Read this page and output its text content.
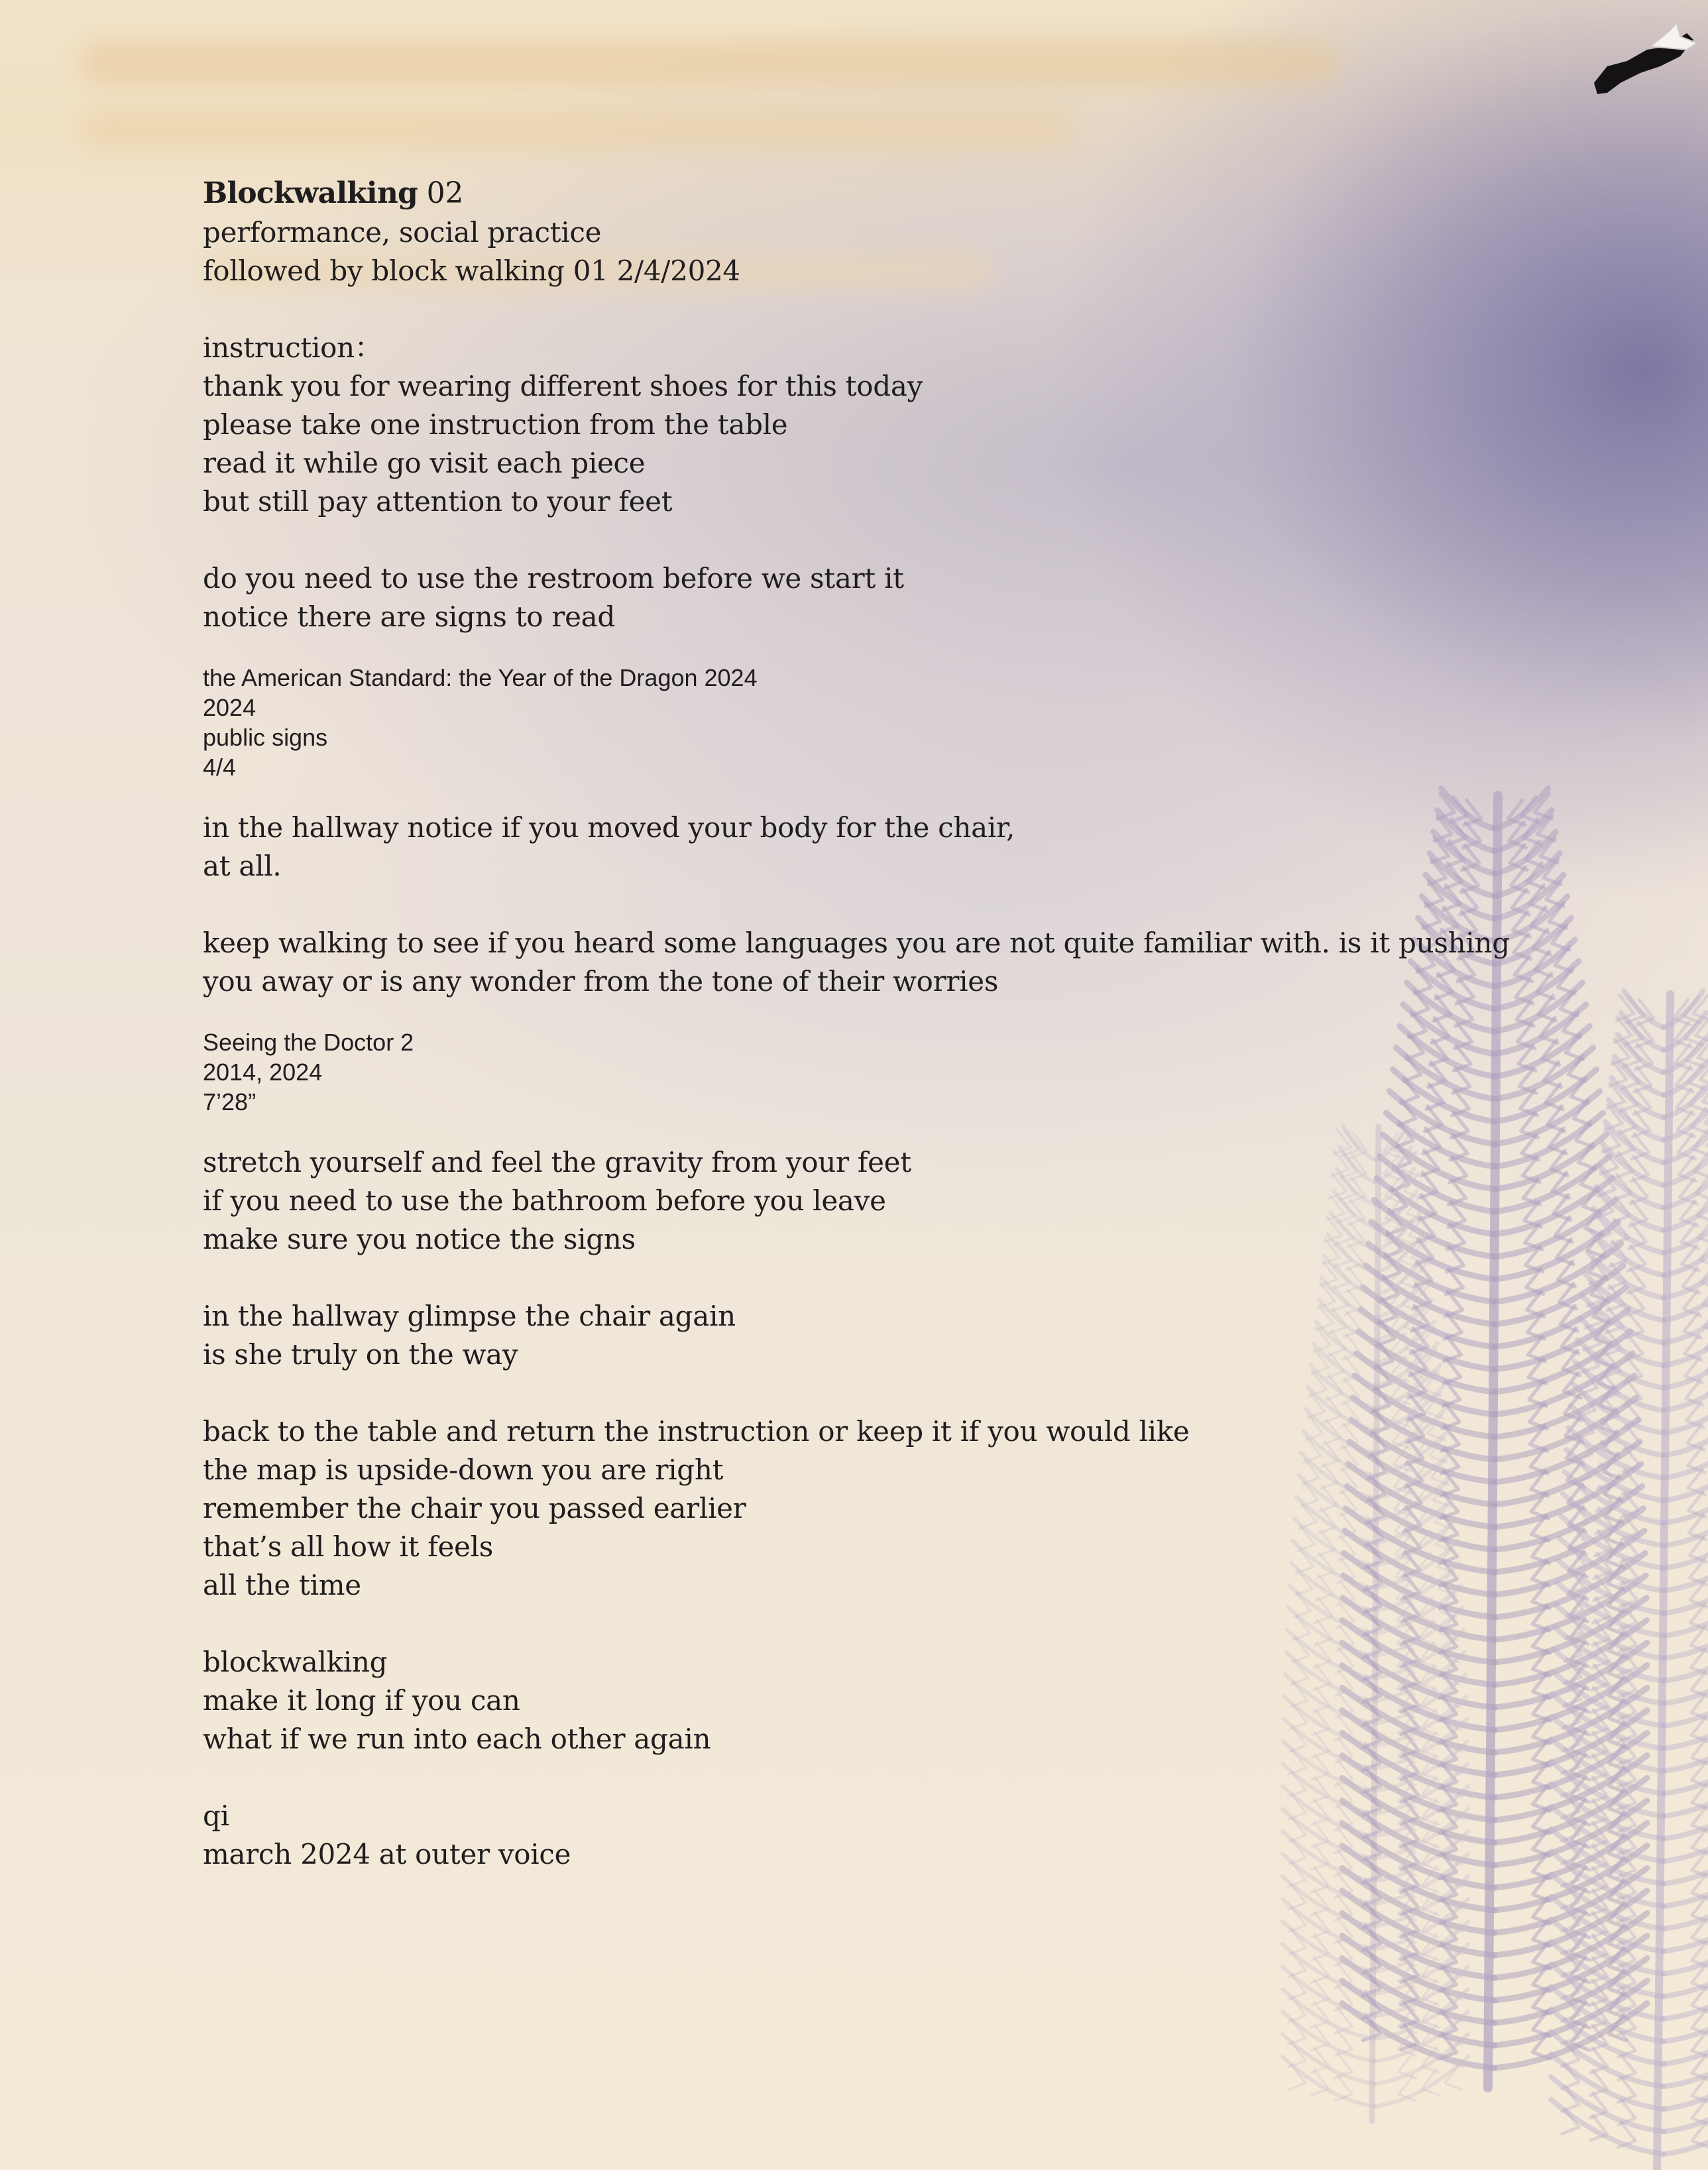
Blockwalking 02
performance, social practice
followed by block walking 01 2/4/2024
instruction：
thank you for wearing different shoes for this today
please take one instruction from the table
read it while go visit each piece
but still pay attention to your feet
do you need to use the restroom before we start it
notice there are signs to read
the American Standard: the Year of the Dragon 2024
2024
public signs
4/4
in the hallway notice if you moved your body for the chair,
at all.
keep walking to see if you heard some languages you are not quite familiar with. is it pushing
you away or is any wonder from the tone of their worries
Seeing the Doctor 2
2014, 2024
7’28”
stretch yourself and feel the gravity from your feet
if you need to use the bathroom before you leave
make sure you notice the signs
in the hallway glimpse the chair again
is she truly on the way
back to the table and return the instruction or keep it if you would like
the map is upside-down you are right
remember the chair you passed earlier
that’s all how it feels
all the time
blockwalking
make it long if you can
what if we run into each other again
qi
march 2024 at outer voice
